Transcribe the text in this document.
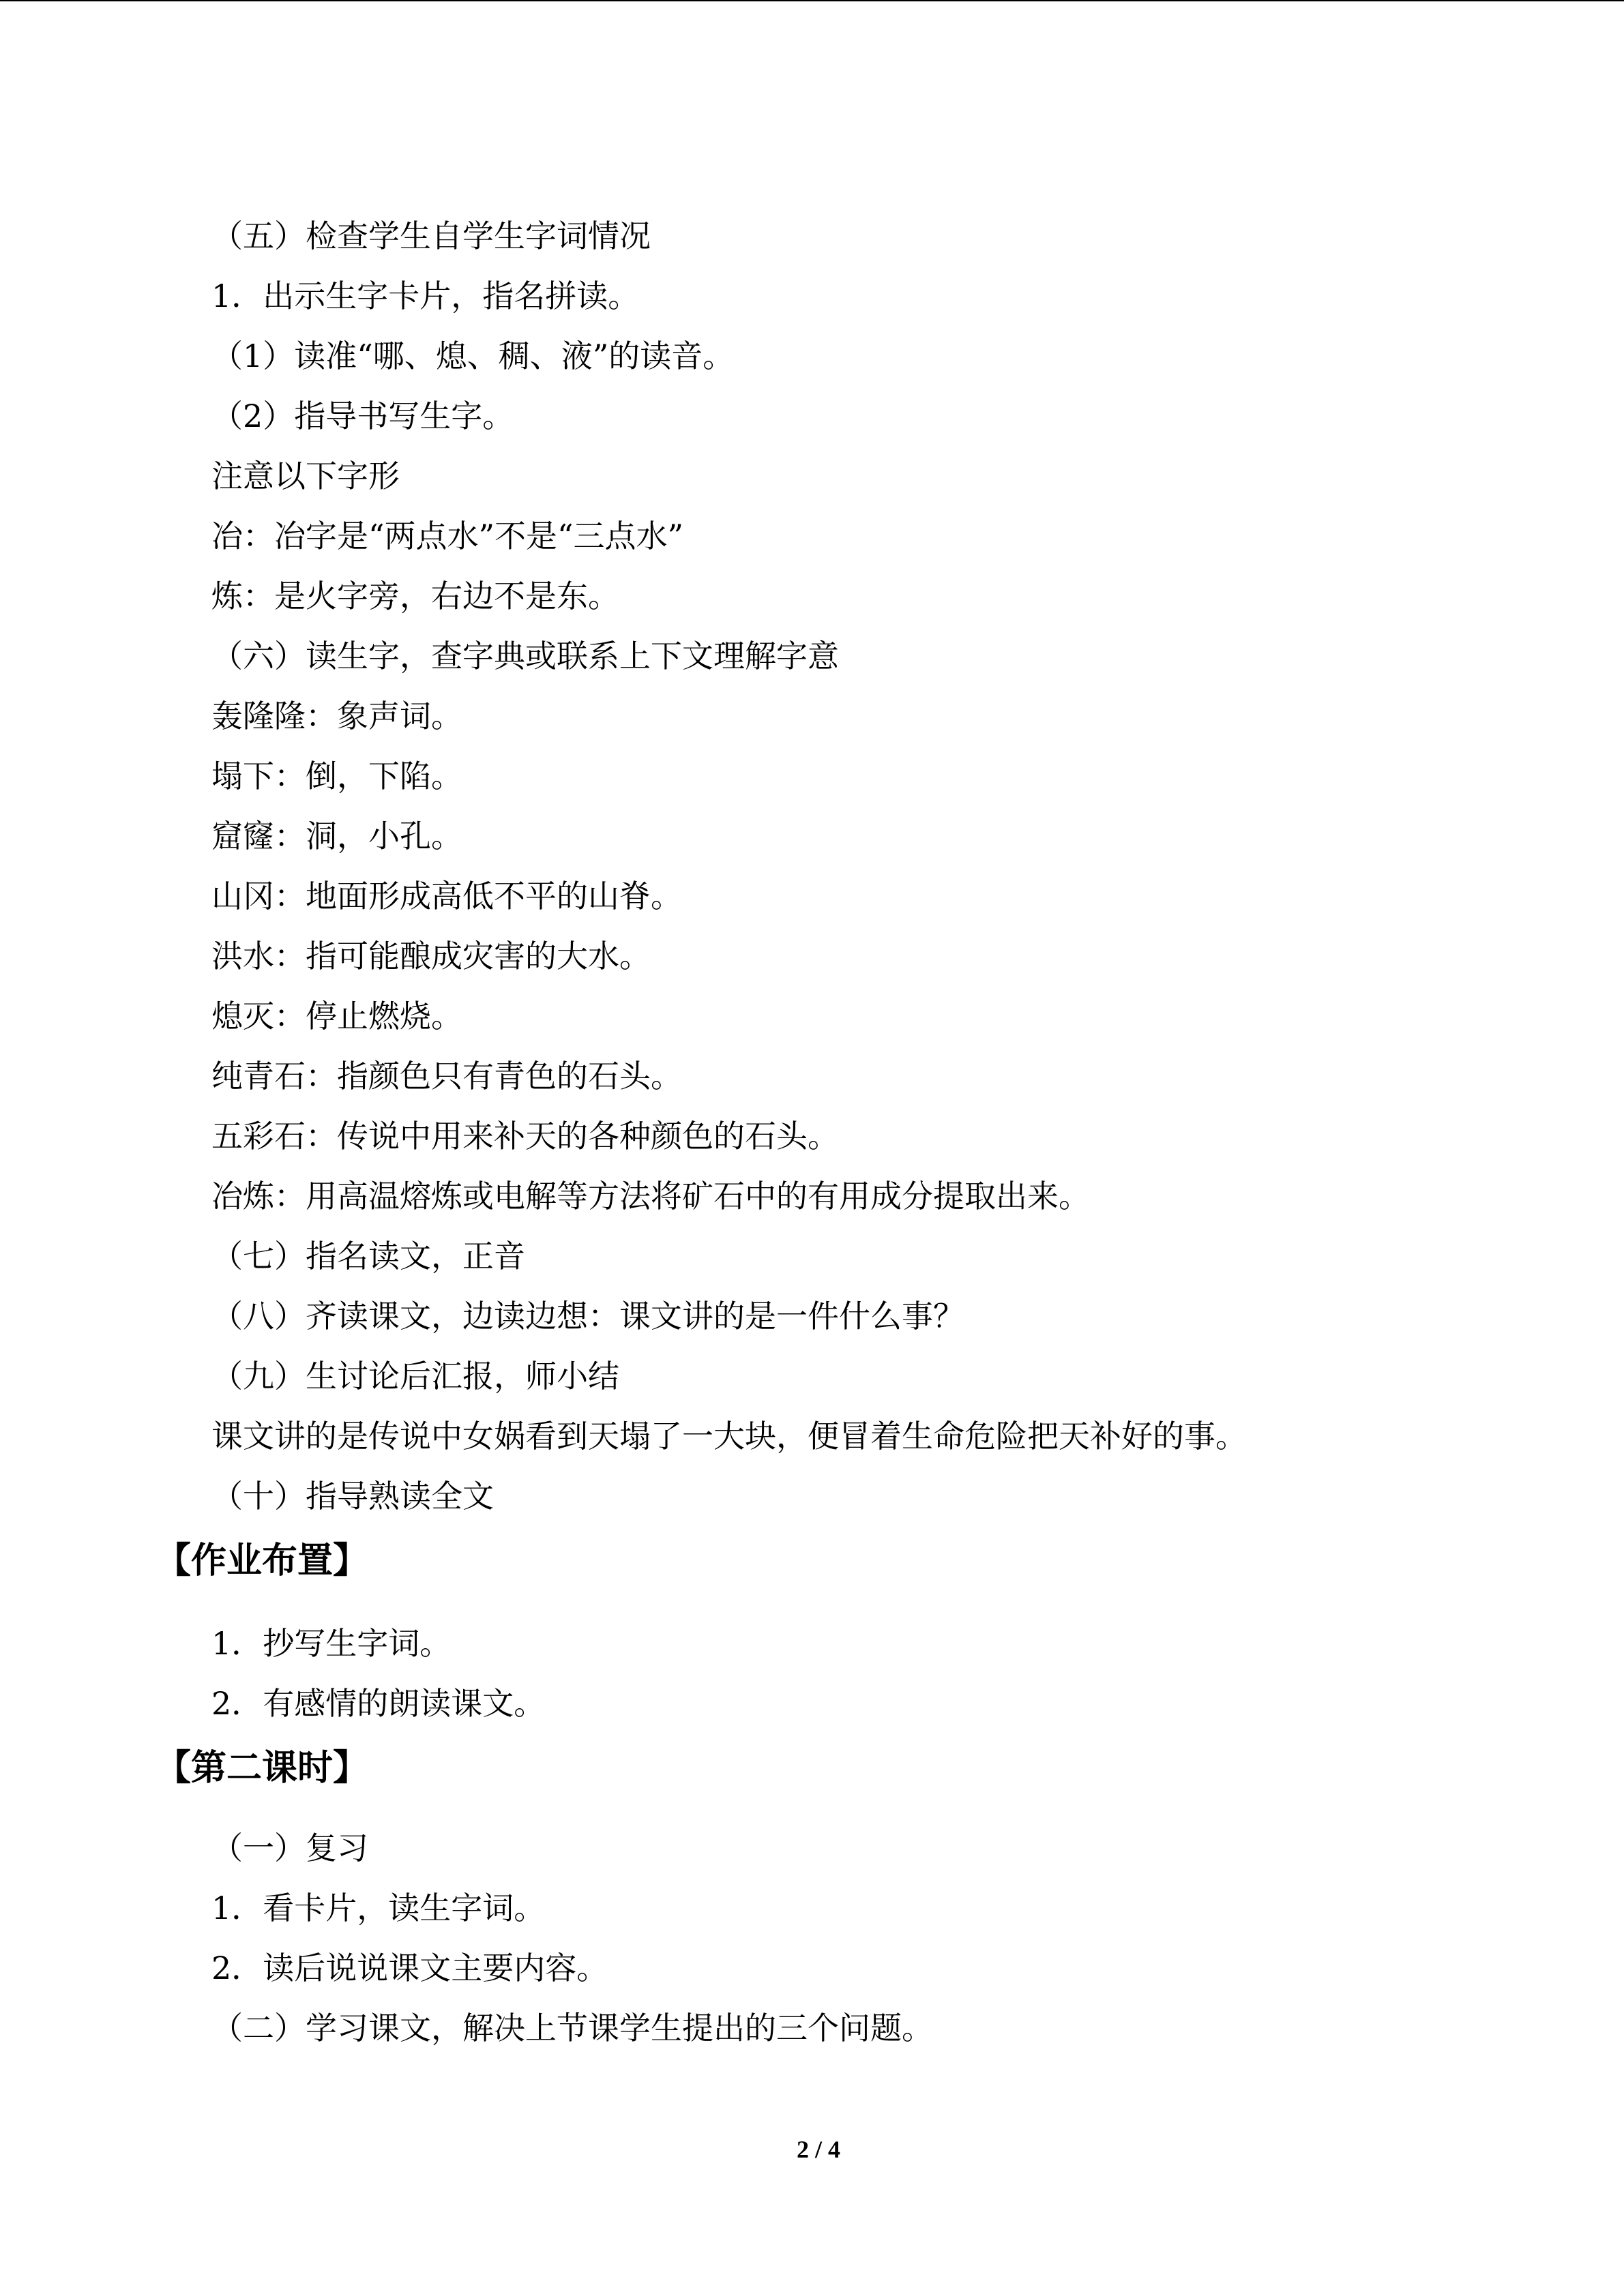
（五）检查学生自学生字词情况
1．出示生字卡片，指名拼读。
（1）读准“哪、熄、稠、液”的读音。
（2）指导书写生字。
注意以下字形
冶：冶字是“两点水”不是“三点水”
炼：是火字旁，右边不是东。
（六）读生字，查字典或联系上下文理解字意
轰隆隆：象声词。
塌下：倒，下陷。
窟窿：洞，小孔。
山冈：地面形成高低不平的山脊。
洪水：指可能酿成灾害的大水。
熄灭：停止燃烧。
纯青石：指颜色只有青色的石头。
五彩石：传说中用来补天的各种颜色的石头。
冶炼：用高温熔炼或电解等方法将矿石中的有用成分提取出来。
（七）指名读文，正音
（八）齐读课文，边读边想：课文讲的是一件什么事？
（九）生讨论后汇报，师小结
课文讲的是传说中女娲看到天塌了一大块，便冒着生命危险把天补好的事。
（十）指导熟读全文
【作业布置】
1．抄写生字词。
2．有感情的朗读课文。
【第二课时】
（一）复习
1．看卡片，读生字词。
2．读后说说课文主要内容。
（二）学习课文，解决上节课学生提出的三个问题。
2 / 4
